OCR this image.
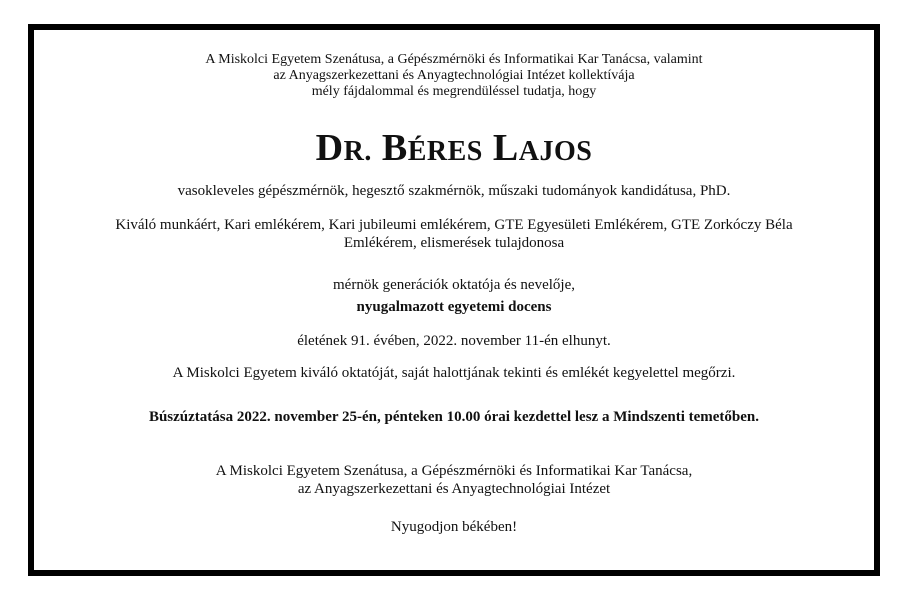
A Miskolci Egyetem Szenátusa, a Gépészmérnöki és Informatikai Kar Tanácsa, valamint
az Anyagszerkezettani és Anyagtechnológiai Intézet kollektívája
mély fájdalommal és megrendüléssel tudatja, hogy
DR. BÉRES LAJOS
vasokleveles gépészmérnök, hegesztő szakmérnök, műszaki tudományok kandidátusa, PhD.
Kiváló munkáért, Kari emlékérem, Kari jubileumi emlékérem, GTE Egyesületi Emlékérem, GTE Zorkóczy Béla
Emlékérem, elismerések tulajdonosa
mérnök generációk oktatója és nevelője,
nyugalmazott egyetemi docens
életének 91. évében, 2022. november 11-én elhunyt.
A Miskolci Egyetem kiváló oktatóját, saját halottjának tekinti és emlékét kegyelettel megőrzi.
Búszúztatása 2022. november 25-én, pénteken 10.00 órai kezdettel lesz a Mindszenti temetőben.
A Miskolci Egyetem Szenátusa, a Gépészmérnöki és Informatikai Kar Tanácsa,
az Anyagszerkezettani és Anyagtechnológiai Intézet
Nyugodjon békében!
